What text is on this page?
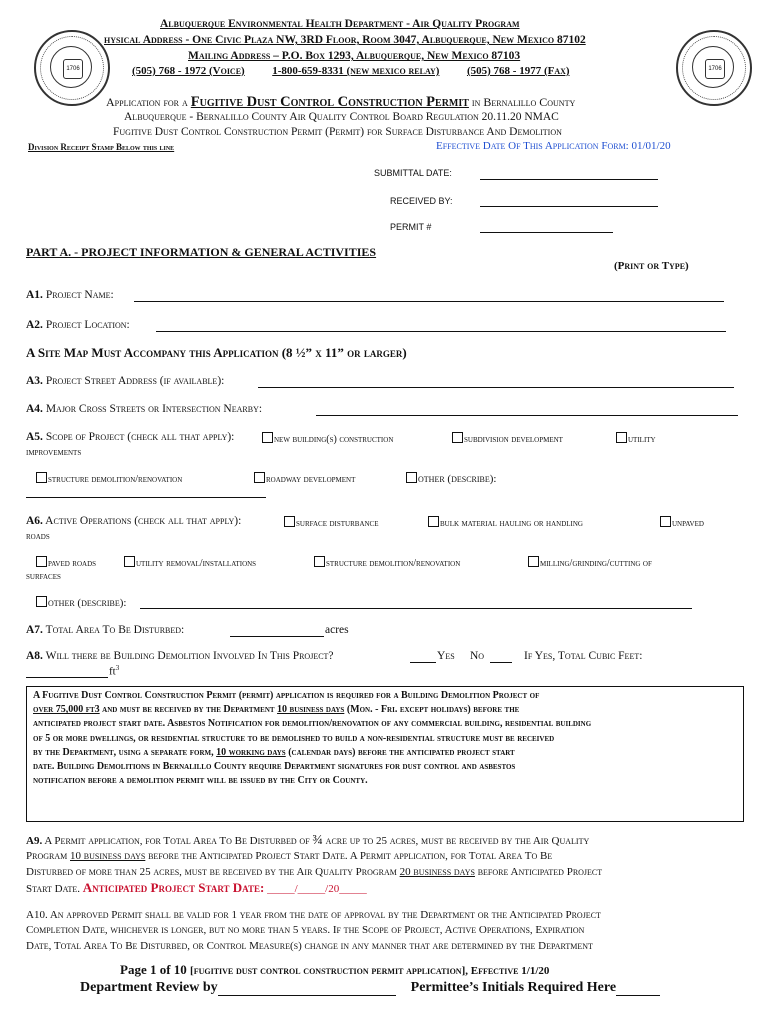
1706	1706
Albuquerque Environmental Health Department - Air Quality Program
hysical Address - One Civic Plaza NW, 3RD Floor, Room 3047, Albuquerque, New Mexico 87102
Mailing Address – P.O. Box 1293, Albuquerque, New Mexico 87103
(505) 768 - 1972 (Voice)	1-800-659-8331 (new mexico relay)	(505) 768 - 1977 (Fax)
Application for a Fugitive Dust Control Construction Permit in Bernalillo County
Albuquerque - Bernalillo County Air Quality Control Board Regulation 20.11.20 NMAC
Fugitive Dust Control Construction Permit (Permit) for Surface Disturbance And Demolition
Division Receipt Stamp Below this line	Effective Date Of This Application Form: 01/01/20
SUBMITTAL DATE:
RECEIVED BY:
PERMIT #
PART A. - PROJECT INFORMATION & GENERAL ACTIVITIES
(Print or Type)
A1. Project Name:
A2. Project Location:
A Site Map Must Accompany this Application (8 ½” x 11” or larger)
A3. Project Street Address (if available):
A4. Major Cross Streets or Intersection Nearby:
A5. Scope of Project (check all that apply):	new building(s) construction	subdivision development	utility
improvements
structure demolition/renovation	roadway development	other (describe):
A6. Active Operations (check all that apply):	surface disturbance	bulk material hauling or handling	unpaved
roads
paved roads	utility removal/installations	structure demolition/renovation	milling/grinding/cutting of
surfaces
other (describe):
A7. Total Area To Be Disturbed:	acres
A8. Will there be Building Demolition Involved In This Project?	Yes No	If Yes, Total Cubic Feet:
$ft^3$
A Fugitive Dust Control Construction Permit (permit) application is required for a Building Demolition Project of
over 75,000 ft3 and must be received by the Department 10 business days (Mon. - Fri. except holidays) before the
anticipated project start date. Asbestos Notification for demolition/renovation of any commercial building, residential building
of 5 or more dwellings, or residential structure to be demolished to build a non-residential structure must be received
by the Department, using a separate form, 10 working days (calendar days) before the anticipated project start
date. Building Demolitions in Bernalillo County require Department signatures for dust control and asbestos
notification before a demolition permit will be issued by the City or County.
A9. A Permit application, for Total Area To Be Disturbed of ¾ acre up to 25 acres, must be received by the Air Quality
Program 10 business days before the Anticipated Project Start Date. A Permit application, for Total Area To Be
Disturbed of more than 25 acres, must be received by the Air Quality Program 20 business days before Anticipated Project
Start Date. Anticipated Project Start Date: _____/_____/20_____
A10. An approved Permit shall be valid for 1 year from the date of approval by the Department or the Anticipated Project
Completion Date, whichever is longer, but no more than 5 years. If the Scope of Project, Active Operations, Expiration
Date, Total Area To Be Disturbed, or Control Measure(s) change in any manner that are determined by the Department
Page 1 of 10 [fugitive dust control construction permit application], Effective 1/1/20
Department Review by	Permittee’s Initials Required Here
